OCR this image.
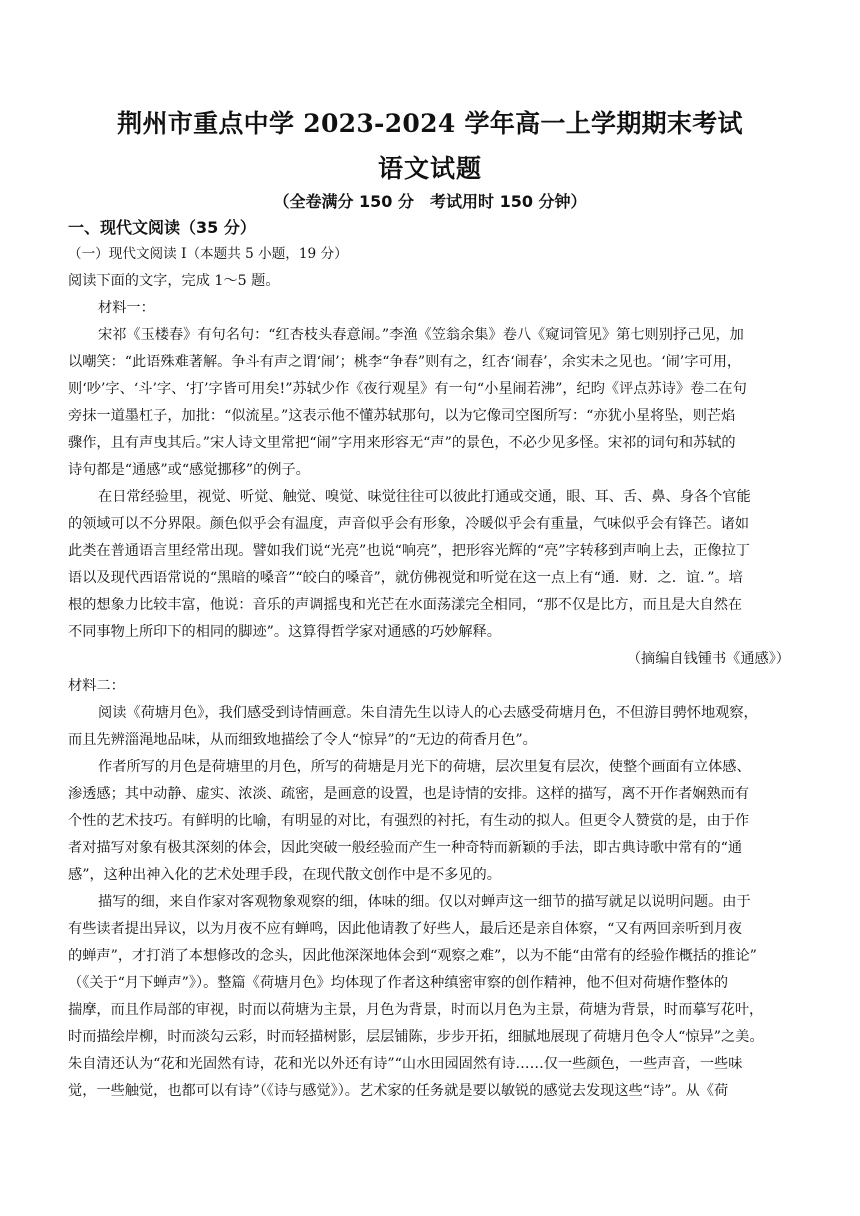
荆州市重点中学 2023-2024 学年高一上学期期末考试
语文试题
（全卷满分 150 分　考试用时 150 分钟）
一、现代文阅读（35 分）
（一）现代文阅读 I（本题共 5 小题，19 分）
阅读下面的文字，完成 1～5 题。
材料一：
宋祁《玉楼春》有句名句：“红杏枝头春意闹。”李渔《笠翁余集》卷八《窥词管见》第七则别抒己见，加
以嘲笑：“此语殊难著解。争斗有声之谓‘闹’；桃李“争春”则有之，红杏‘闹春’，余实未之见也。‘闹’字可用，
则‘吵’字、‘斗’字、‘打’字皆可用矣!”苏轼少作《夜行观星》有一句“小星闹若沸”，纪昀《评点苏诗》卷二在句
旁抹一道墨杠子，加批：“似流星。”这表示他不懂苏轼那句，以为它像司空图所写：“亦犹小星将坠，则芒焰
骤作，且有声曳其后。”宋人诗文里常把“闹”字用来形容无“声”的景色，不必少见多怪。宋祁的词句和苏轼的
诗句都是“通感”或“感觉挪移”的例子。
在日常经验里，视觉、听觉、触觉、嗅觉、味觉往往可以彼此打通或交通，眼、耳、舌、鼻、身各个官能
的领域可以不分界限。颜色似乎会有温度，声音似乎会有形象，冷暖似乎会有重量，气味似乎会有锋芒。诸如
此类在普通语言里经常出现。譬如我们说“光亮”也说“响亮”，把形容光辉的“亮”字转移到声响上去，正像拉丁
语以及现代西语常说的“黑暗的嗓音”“皎白的嗓音”，就仿佛视觉和听觉在这一点上有“通．财．之．谊．”。培
根的想象力比较丰富，他说：音乐的声调摇曳和光芒在水面荡漾完全相同，“那不仅是比方，而且是大自然在
不同事物上所印下的相同的脚迹”。这算得哲学家对通感的巧妙解释。
（摘编自钱锺书《通感》）
材料二：
阅读《荷塘月色》，我们感受到诗情画意。朱自清先生以诗人的心去感受荷塘月色，不但游目骋怀地观察，
而且先辨淄渑地品味，从而细致地描绘了令人“惊异”的“无边的荷香月色”。
作者所写的月色是荷塘里的月色，所写的荷塘是月光下的荷塘，层次里复有层次，使整个画面有立体感、
渗透感；其中动静、虚实、浓淡、疏密，是画意的设置，也是诗情的安排。这样的描写，离不开作者娴熟而有
个性的艺术技巧。有鲜明的比喻，有明显的对比，有强烈的衬托，有生动的拟人。但更令人赞赏的是，由于作
者对描写对象有极其深刻的体会，因此突破一般经验而产生一种奇特而新颖的手法，即古典诗歌中常有的“通
感”，这种出神入化的艺术处理手段，在现代散文创作中是不多见的。
描写的细，来自作家对客观物象观察的细，体味的细。仅以对蝉声这一细节的描写就足以说明问题。由于
有些读者提出异议，以为月夜不应有蝉鸣，因此他请教了好些人，最后还是亲自体察，“又有两回亲听到月夜
的蝉声”，才打消了本想修改的念头，因此他深深地体会到“观察之难”，以为不能“由常有的经验作概括的推论”
（《关于“月下蝉声”》）。整篇《荷塘月色》均体现了作者这种缜密审察的创作精神，他不但对荷塘作整体的
揣摩，而且作局部的审视，时而以荷塘为主景，月色为背景，时而以月色为主景，荷塘为背景，时而摹写花叶，
时而描绘岸柳，时而淡勾云彩，时而轻描树影，层层铺陈，步步开拓，细腻地展现了荷塘月色令人“惊异”之美。
朱自清还认为“花和光固然有诗，花和光以外还有诗”“山水田园固然有诗……仅一些颜色，一些声音，一些味
觉，一些触觉，也都可以有诗”（《诗与感觉》）。艺术家的任务就是要以敏锐的感觉去发现这些“诗”。从《荷
